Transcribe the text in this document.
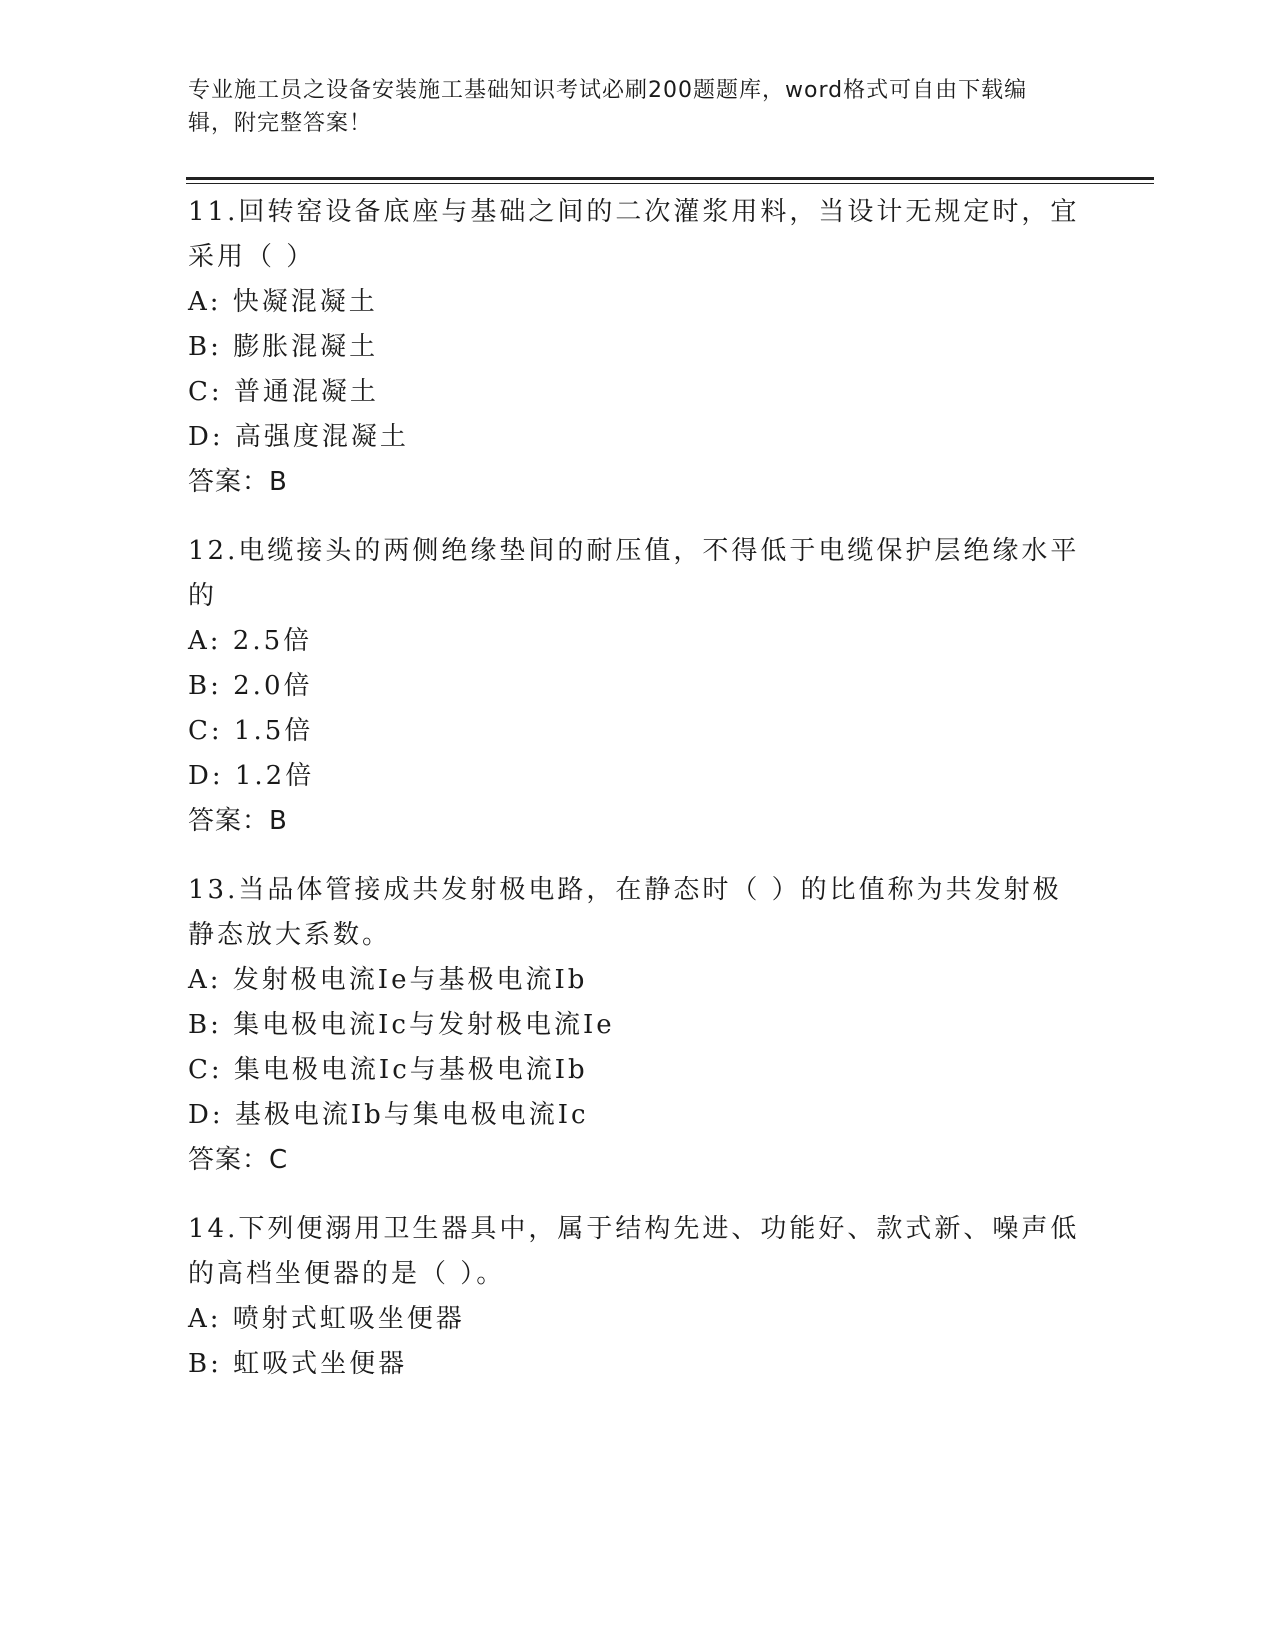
专业施工员之设备安装施工基础知识考试必刷200题题库，word格式可自由下载编辑，附完整答案！
11.回转窑设备底座与基础之间的二次灌浆用料，当设计无规定时，宜采用（ ）
A: 快凝混凝土
B: 膨胀混凝土
C: 普通混凝土
D: 高强度混凝土
答案：B
12.电缆接头的两侧绝缘垫间的耐压值，不得低于电缆保护层绝缘水平的
A: 2.5倍
B: 2.0倍
C: 1.5倍
D: 1.2倍
答案：B
13.当品体管接成共发射极电路，在静态时（ ）的比值称为共发射极静态放大系数。
A: 发射极电流Ie与基极电流Ib
B: 集电极电流Ic与发射极电流Ie
C: 集电极电流Ic与基极电流Ib
D: 基极电流Ib与集电极电流Ic
答案：C
14.下列便溺用卫生器具中，属于结构先进、功能好、款式新、噪声低的高档坐便器的是（ ）。
A: 喷射式虹吸坐便器
B: 虹吸式坐便器
